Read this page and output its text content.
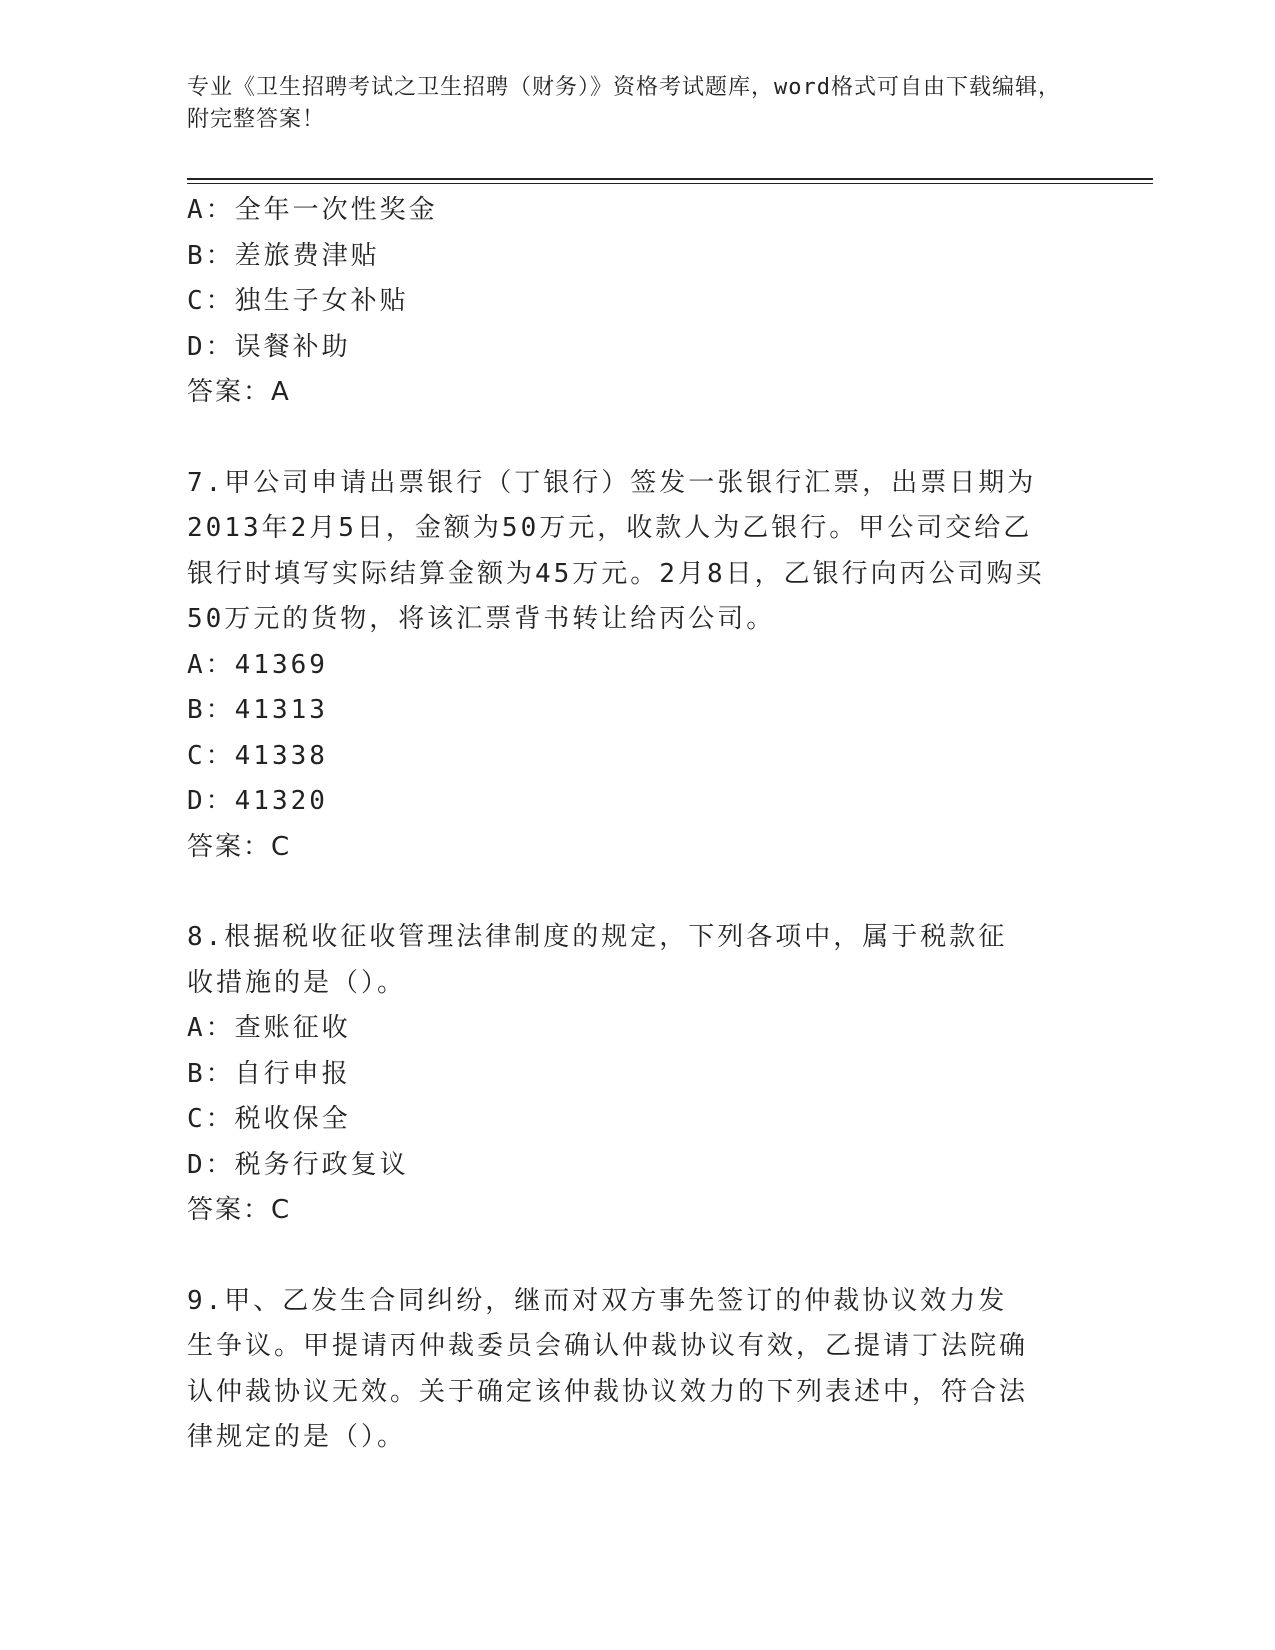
专业《卫生招聘考试之卫生招聘（财务）》资格考试题库，word格式可自由下载编辑，附完整答案！
A：全年一次性奖金
B：差旅费津贴
C：独生子女补贴
D：误餐补助
答案：A
7.甲公司申请出票银行（丁银行）签发一张银行汇票，出票日期为2013年2月5日，金额为50万元，收款人为乙银行。甲公司交给乙银行时填写实际结算金额为45万元。2月8日，乙银行向丙公司购买50万元的货物，将该汇票背书转让给丙公司。
A：41369
B：41313
C：41338
D：41320
答案：C
8.根据税收征收管理法律制度的规定，下列各项中，属于税款征收措施的是（）。
A：查账征收
B：自行申报
C：税收保全
D：税务行政复议
答案：C
9.甲、乙发生合同纠纷，继而对双方事先签订的仲裁协议效力发生争议。甲提请丙仲裁委员会确认仲裁协议有效，乙提请丁法院确认仲裁协议无效。关于确定该仲裁协议效力的下列表述中，符合法律规定的是（）。
